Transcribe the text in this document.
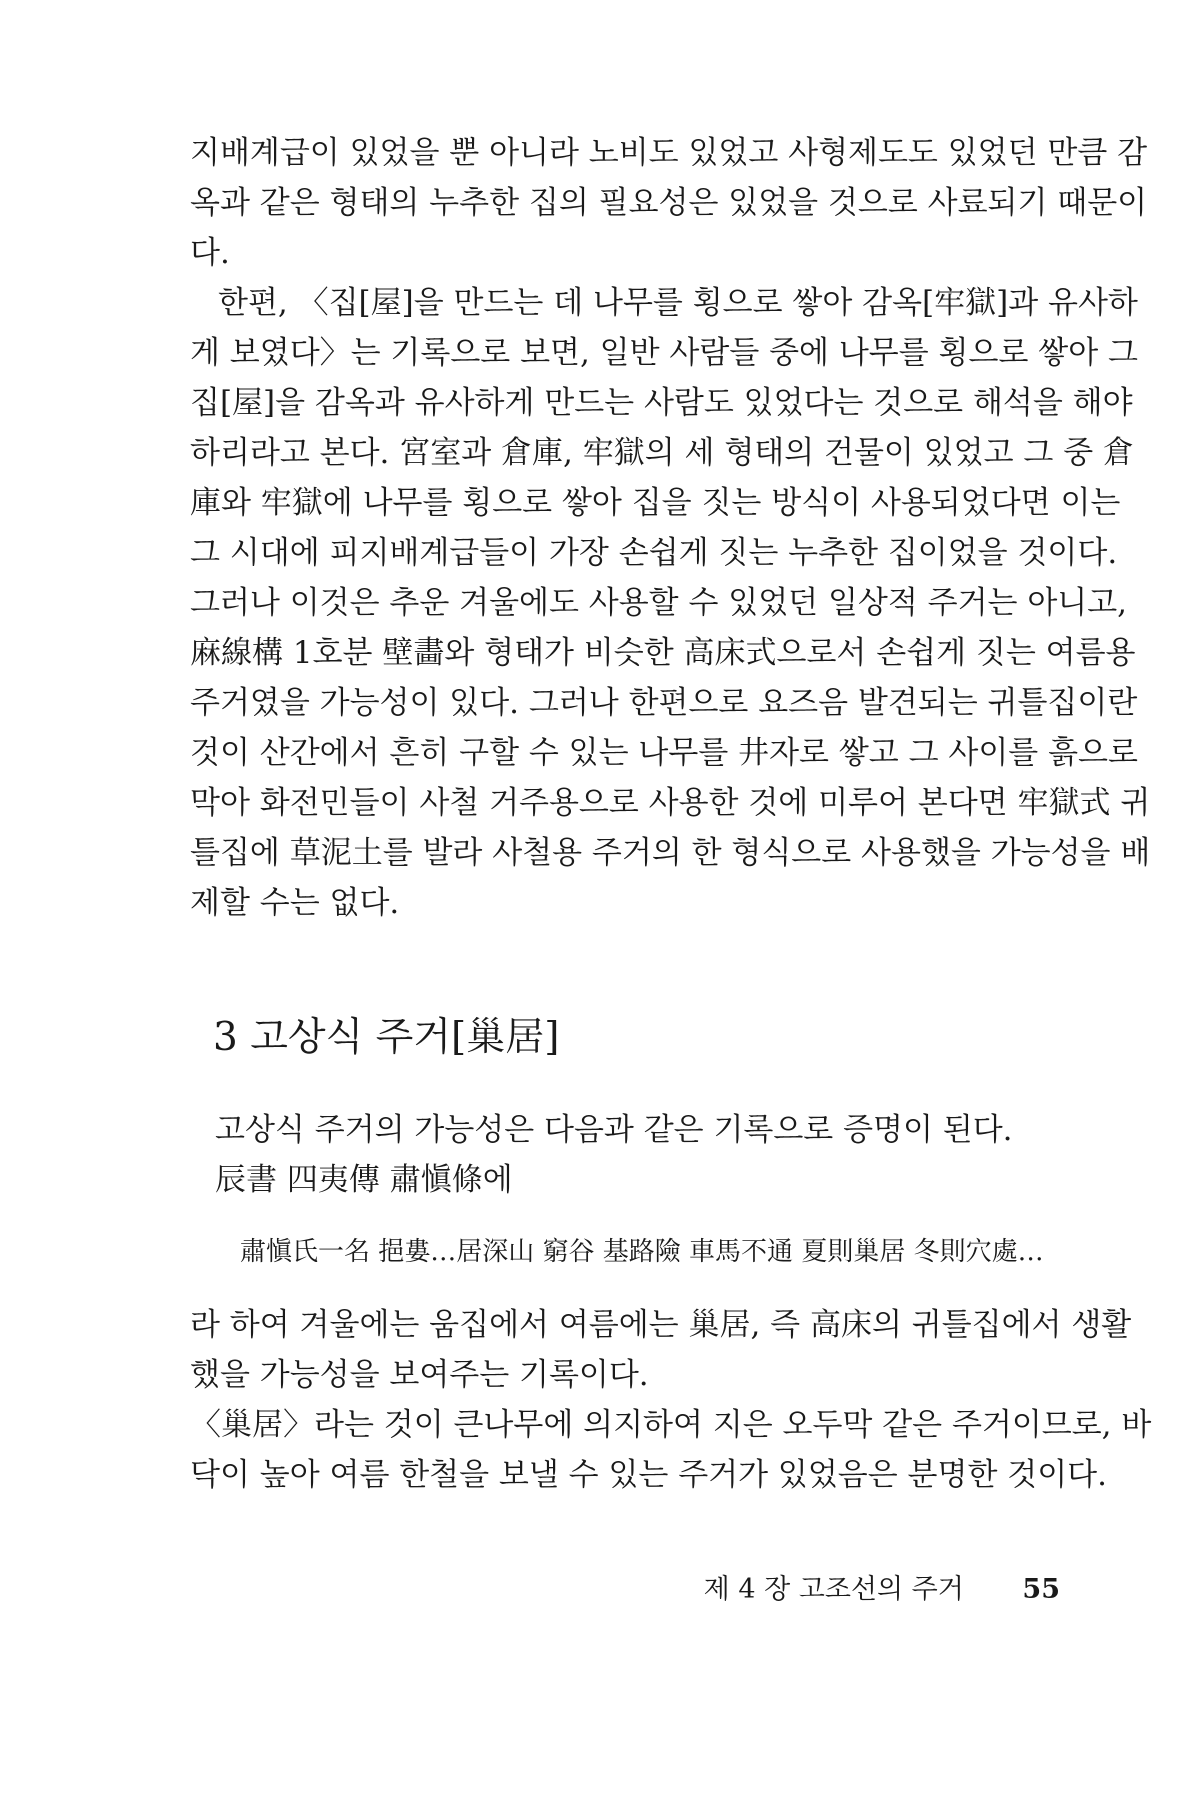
지배계급이 있었을 뿐 아니라 노비도 있었고 사형제도도 있었던 만큼 감
옥과 같은 형태의 누추한 집의 필요성은 있었을 것으로 사료되기 때문이
다.
한편, 〈집[屋]을 만드는 데 나무를 횡으로 쌓아 감옥[牢獄]과 유사하
게 보였다〉는 기록으로 보면, 일반 사람들 중에 나무를 횡으로 쌓아 그
집[屋]을 감옥과 유사하게 만드는 사람도 있었다는 것으로 해석을 해야
하리라고 본다. 宮室과 倉庫, 牢獄의 세 형태의 건물이 있었고 그 중 倉
庫와 牢獄에 나무를 횡으로 쌓아 집을 짓는 방식이 사용되었다면 이는
그 시대에 피지배계급들이 가장 손쉽게 짓는 누추한 집이었을 것이다.
그러나 이것은 추운 겨울에도 사용할 수 있었던 일상적 주거는 아니고,
麻線構 1호분 壁畵와 형태가 비슷한 高床式으로서 손쉽게 짓는 여름용
주거였을 가능성이 있다. 그러나 한편으로 요즈음 발견되는 귀틀집이란
것이 산간에서 흔히 구할 수 있는 나무를 井자로 쌓고 그 사이를 흙으로
막아 화전민들이 사철 거주용으로 사용한 것에 미루어 본다면 牢獄式 귀
틀집에 草泥土를 발라 사철용 주거의 한 형식으로 사용했을 가능성을 배
제할 수는 없다.
3 고상식 주거[巢居]
고상식 주거의 가능성은 다음과 같은 기록으로 증명이 된다.
辰書 四夷傳 肅愼條에
肅愼氏一名 挹婁…居深山 窮谷 基路險 車馬不通 夏則巢居 冬則穴處…
라 하여 겨울에는 움집에서 여름에는 巢居, 즉 高床의 귀틀집에서 생활
했을 가능성을 보여주는 기록이다.
〈巢居〉라는 것이 큰나무에 의지하여 지은 오두막 같은 주거이므로, 바
닥이 높아 여름 한철을 보낼 수 있는 주거가 있었음은 분명한 것이다.
제 4 장 고조선의 주거 55
